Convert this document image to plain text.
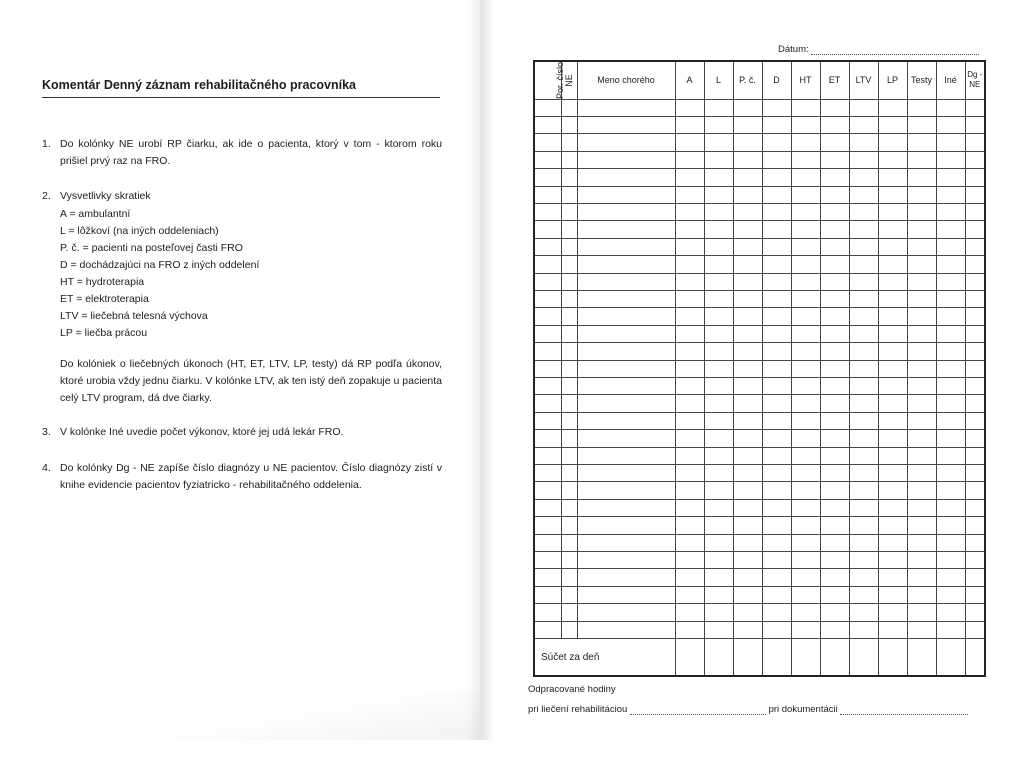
Komentár Denný záznam rehabilitačného pracovníka
1. Do kolónky NE urobí RP čiarku, ak ide o pacienta, ktorý v tom - ktorom roku prišiel prvý raz na FRO.
2. Vysvetlivky skratiek
A = ambulantní
L = lôžkoví (na iných oddeleniach)
P. č. = pacienti na posteľovej časti FRO
D = dochádzajúci na FRO z iných oddelení
HT = hydroterapia
ET = elektroterapia
LTV = liečebná telesná výchova
LP = liečba prácou
Do kolóniek o liečebných úkonoch (HT, ET, LTV, LP, testy) dá RP podľa úkonov, ktoré urobia vždy jednu čiarku. V kolónke LTV, ak ten istý deň zopakuje u pacienta celý LTV program, dá dve čiarky.
3. V kolónke Iné uvedie počet výkonov, ktoré jej udá lekár FRO.
4. Do kolónky Dg - NE zapíše číslo diagnózy u NE pacientov. Číslo diagnózy zistí v knihe evidencie pacientov fyziatricko - rehabilitačného oddelenia.
Dátum:
Por. číslo	NE	Meno chorého	A	L	P. č.	D	HT	ET	LTV	LP	Testy	Iné	Dg - NE

Súčet za deň													
Odpracované hodiny
pri liečení rehabilitáciou	pri dokumentácii
